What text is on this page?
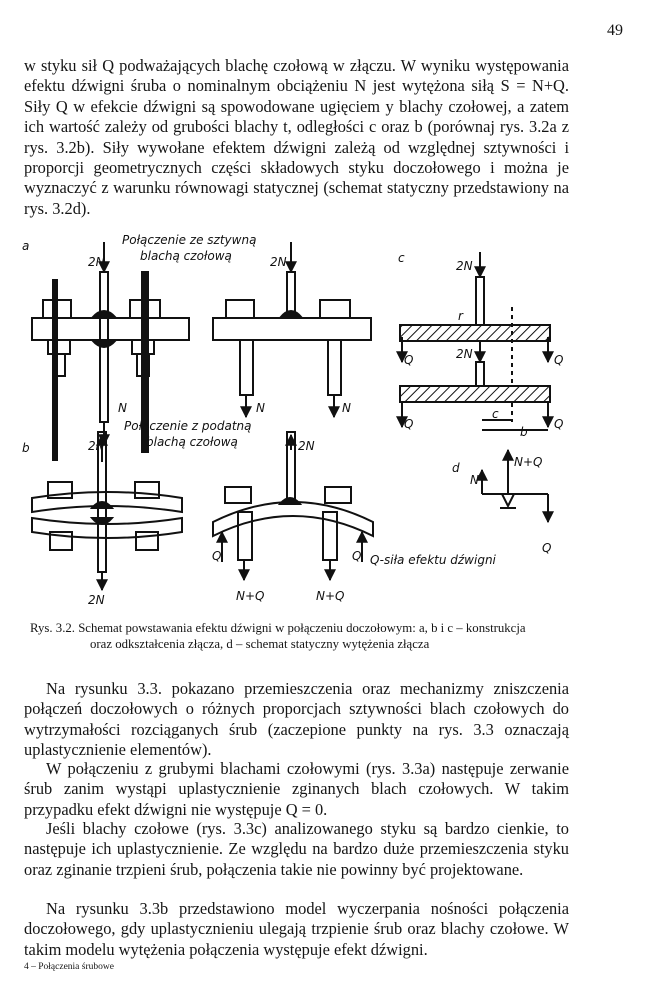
49

w styku sił Q podważających blachę czołową w złączu. W wyniku występowania efektu dźwigni śruba o nominalnym obciążeniu N jest wytężona siłą S = N+Q. Siły Q w efekcie dźwigni są spowodowane ugięciem y blachy czołowej, a zatem ich wartość zależy od grubości blachy t, odległości c oraz b (porównaj rys. 3.2a z rys. 3.2b). Siły wywołane efektem dźwigni zależą od względnej sztywności i proporcji geometrycznych części składowych styku doczołowego i można je wyznaczyć z warunku równowagi statycznej (schemat statyczny przedstawiony na rys. 3.2d).

a
b
c
d
Połączenie ze sztywną
blachą czołową
Połączenie z podatną
blachą czołową
2N	2N	2N
2N
2N	2N
2N
N	N	N
N
Q	Q
Q	Q
Q
Q	Q
N+Q	N+Q
N+Q
Q-siła efektu dźwigni
c
b
r

Rys. 3.2. Schemat powstawania efektu dźwigni w połączeniu doczołowym: a, b i c – konstrukcja
oraz odkształcenia złącza, d – schemat statyczny wytężenia złącza

Na rysunku 3.3. pokazano przemieszczenia oraz mechanizmy zniszczenia połączeń doczołowych o różnych proporcjach sztywności blach czołowych do wytrzymałości rozciąganych śrub (zaczepione punkty na rys. 3.3 oznaczają uplastycznienie elementów).

W połączeniu z grubymi blachami czołowymi (rys. 3.3a) następuje zerwanie śrub zanim wystąpi uplastycznienie zginanych blach czołowych. W takim przypadku efekt dźwigni nie występuje Q = 0.

Jeśli blachy czołowe (rys. 3.3c) analizowanego styku są bardzo cienkie, to następuje ich uplastycznienie. Ze względu na bardzo duże przemieszczenia styku oraz zginanie trzpieni śrub, połączenia takie nie powinny być projektowane.

Na rysunku 3.3b przedstawiono model wyczerpania nośności połączenia doczołowego, gdy uplastycznieniu ulegają trzpienie śrub oraz blachy czołowe. W takim modelu wytężenia połączenia występuje efekt dźwigni.

4 – Połączenia śrubowe
